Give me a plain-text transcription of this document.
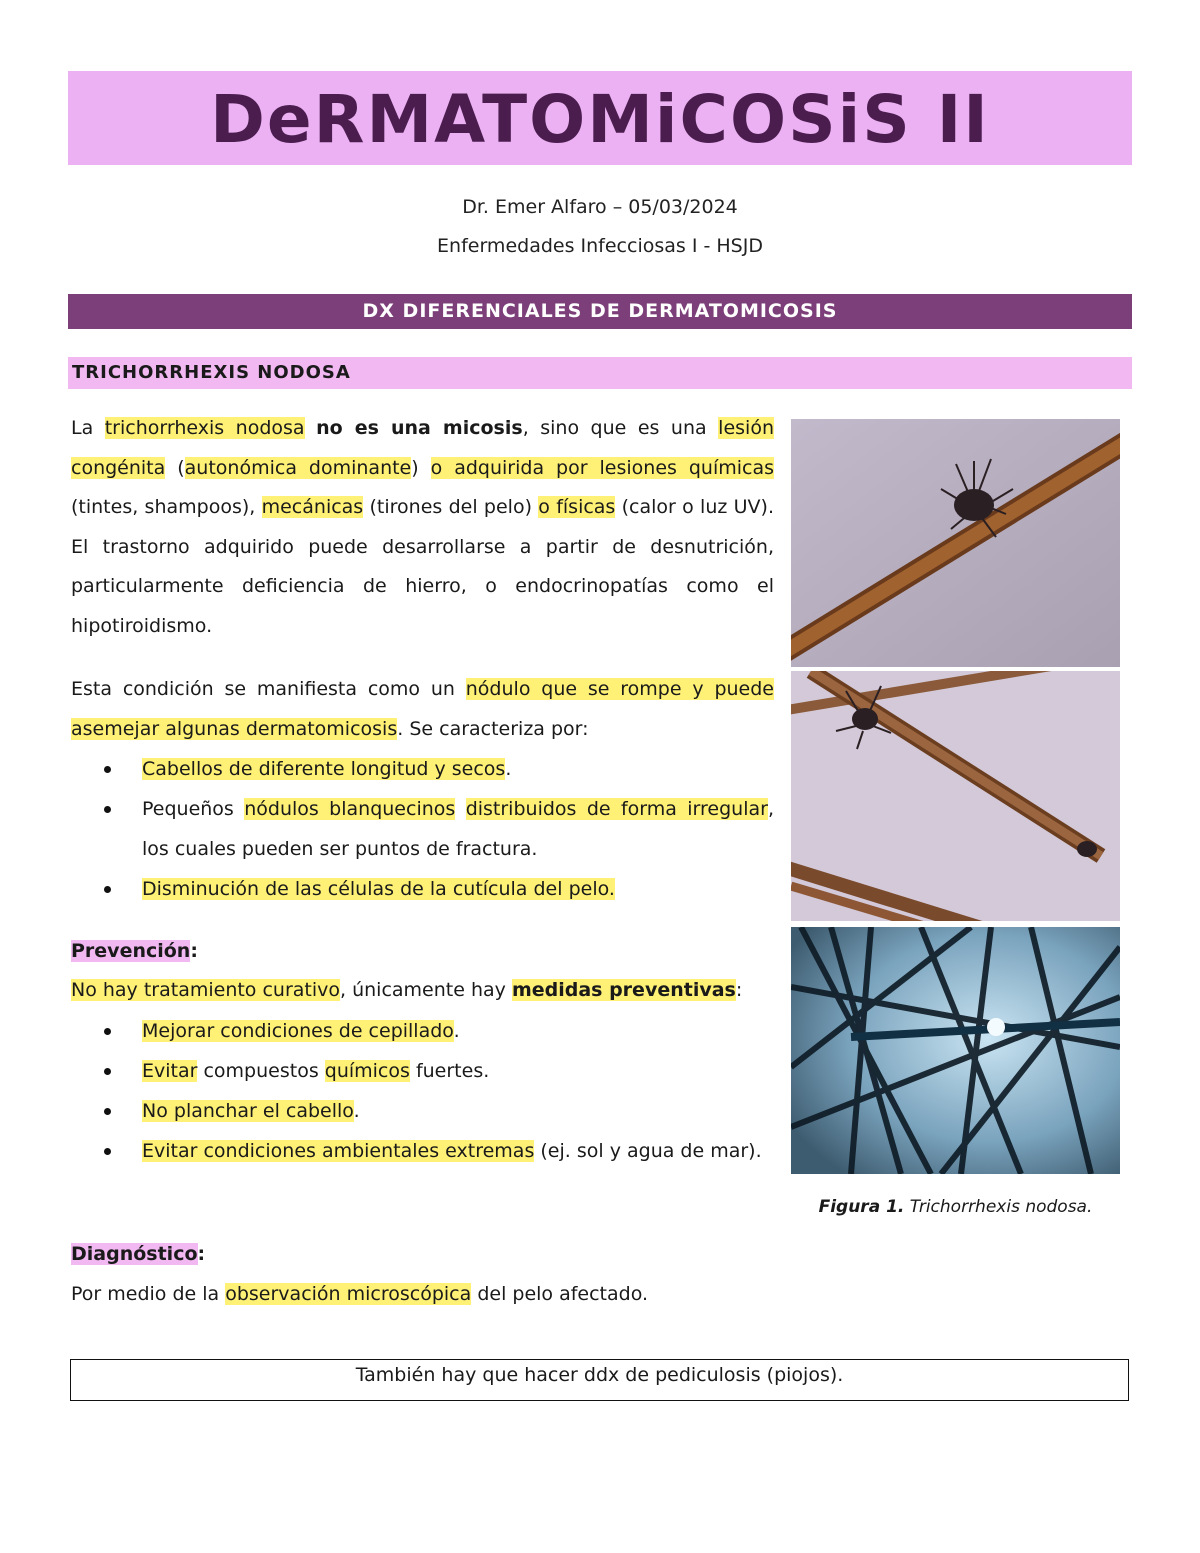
DeRMATOMiCOSiS II
Dr. Emer Alfaro – 05/03/2024
Enfermedades Infecciosas I - HSJD
DX DIFERENCIALES DE DERMATOMICOSIS
TRICHORRHEXIS NODOSA

La trichorrhexis nodosa no es una micosis, sino que es una lesión congénita (autonómica dominante) o adquirida por lesiones químicas (tintes, shampoos), mecánicas (tirones del pelo) o físicas (calor o luz UV). El trastorno adquirido puede desarrollarse a partir de desnutrición, particularmente deficiencia de hierro, o endocrinopatías como el hipotiroidismo.

Esta condición se manifiesta como un nódulo que se rompe y puede asemejar algunas dermatomicosis. Se caracteriza por:

Cabellos de diferente longitud y secos.
Pequeños nódulos blanquecinos distribuidos de forma irregular, los cuales pueden ser puntos de fractura.
Disminución de las células de la cutícula del pelo.
Prevención:
No hay tratamiento curativo, únicamente hay medidas preventivas:
Mejorar condiciones de cepillado.
Evitar compuestos químicos fuertes.
No planchar el cabello.
Evitar condiciones ambientales extremas (ej. sol y agua de mar).
Diagnóstico:
Por medio de la observación microscópica del pelo afectado.
Figura 1. Trichorrhexis nodosa.
También hay que hacer ddx de pediculosis (piojos).
